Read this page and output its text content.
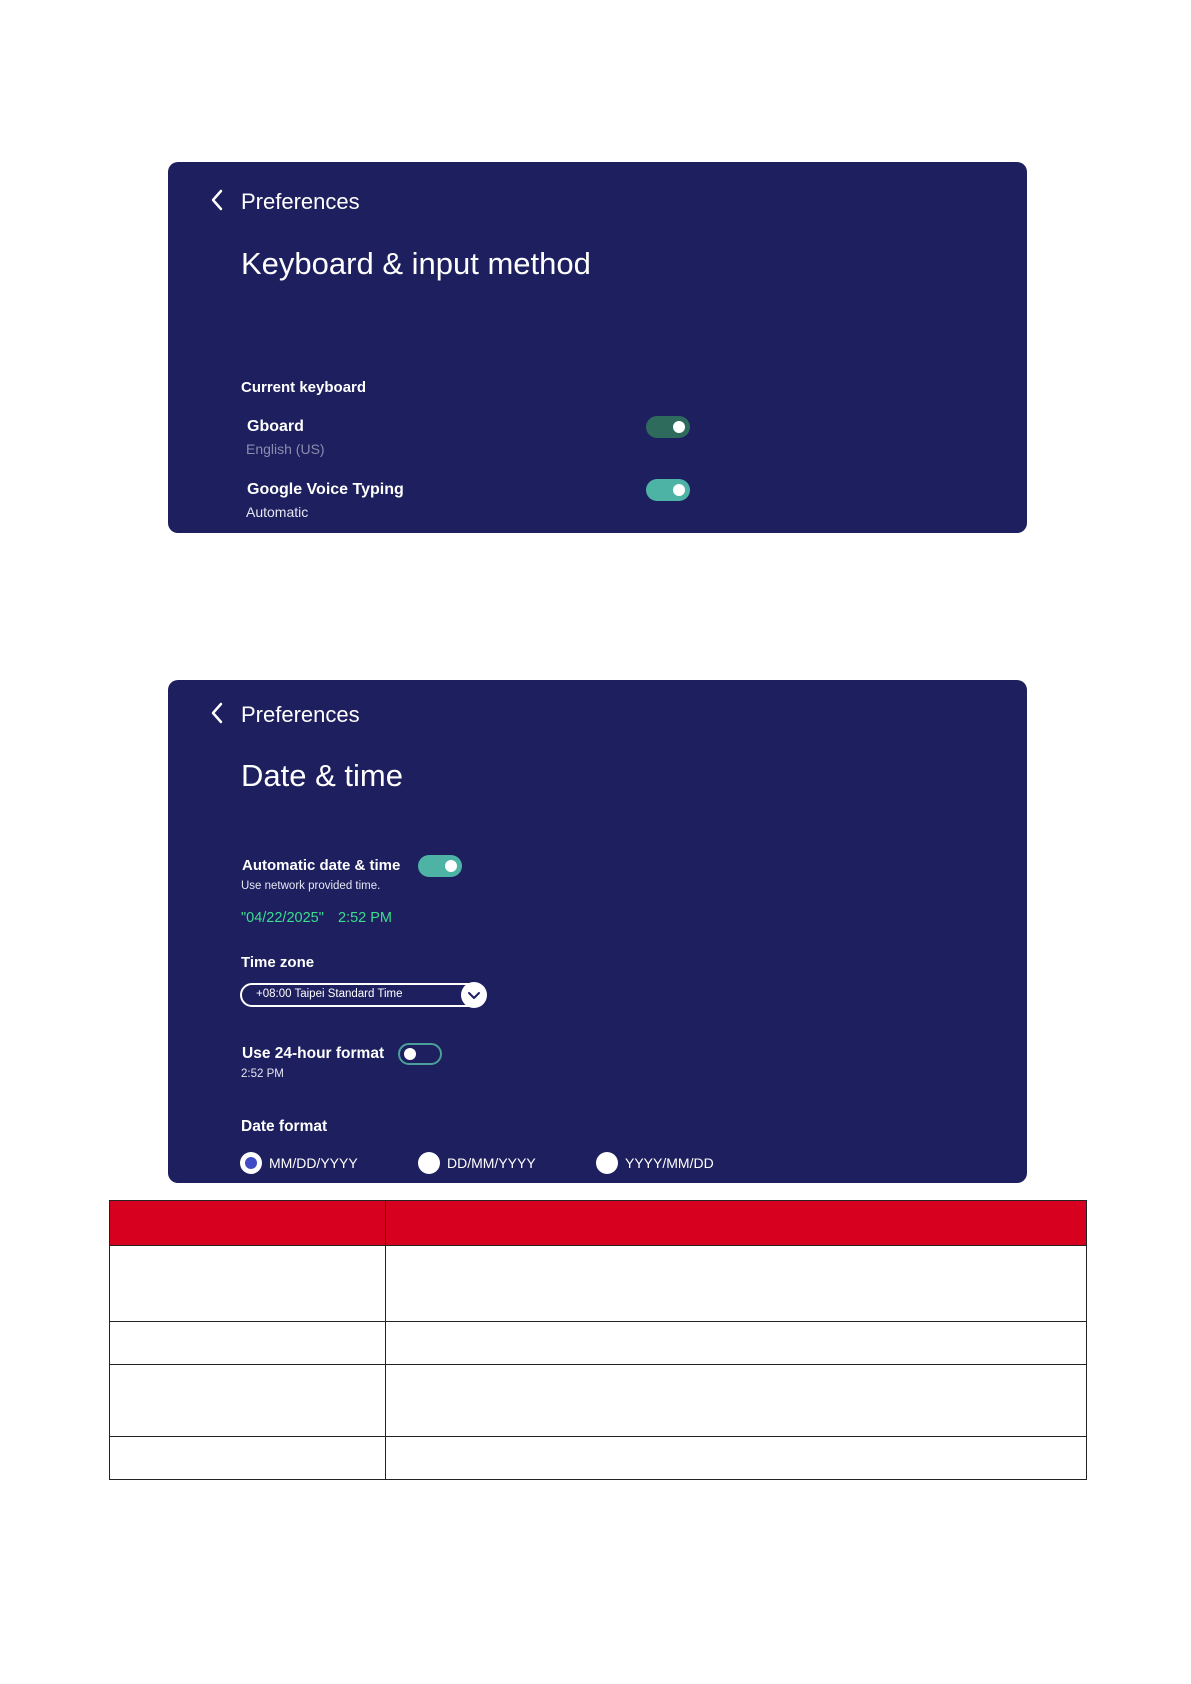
Preferences
Keyboard & input method
Current keyboard
Gboard
English (US)
Google Voice Typing
Automatic
Preferences
Date & time
Automatic date & time
Use network provided time.
"04/22/2025" 2:52 PM
Time zone
+08:00 Taipei Standard Time
Use 24-hour format
2:52 PM
Date format
MM/DD/YYYY	DD/MM/YYYY	YYYY/MM/DD
